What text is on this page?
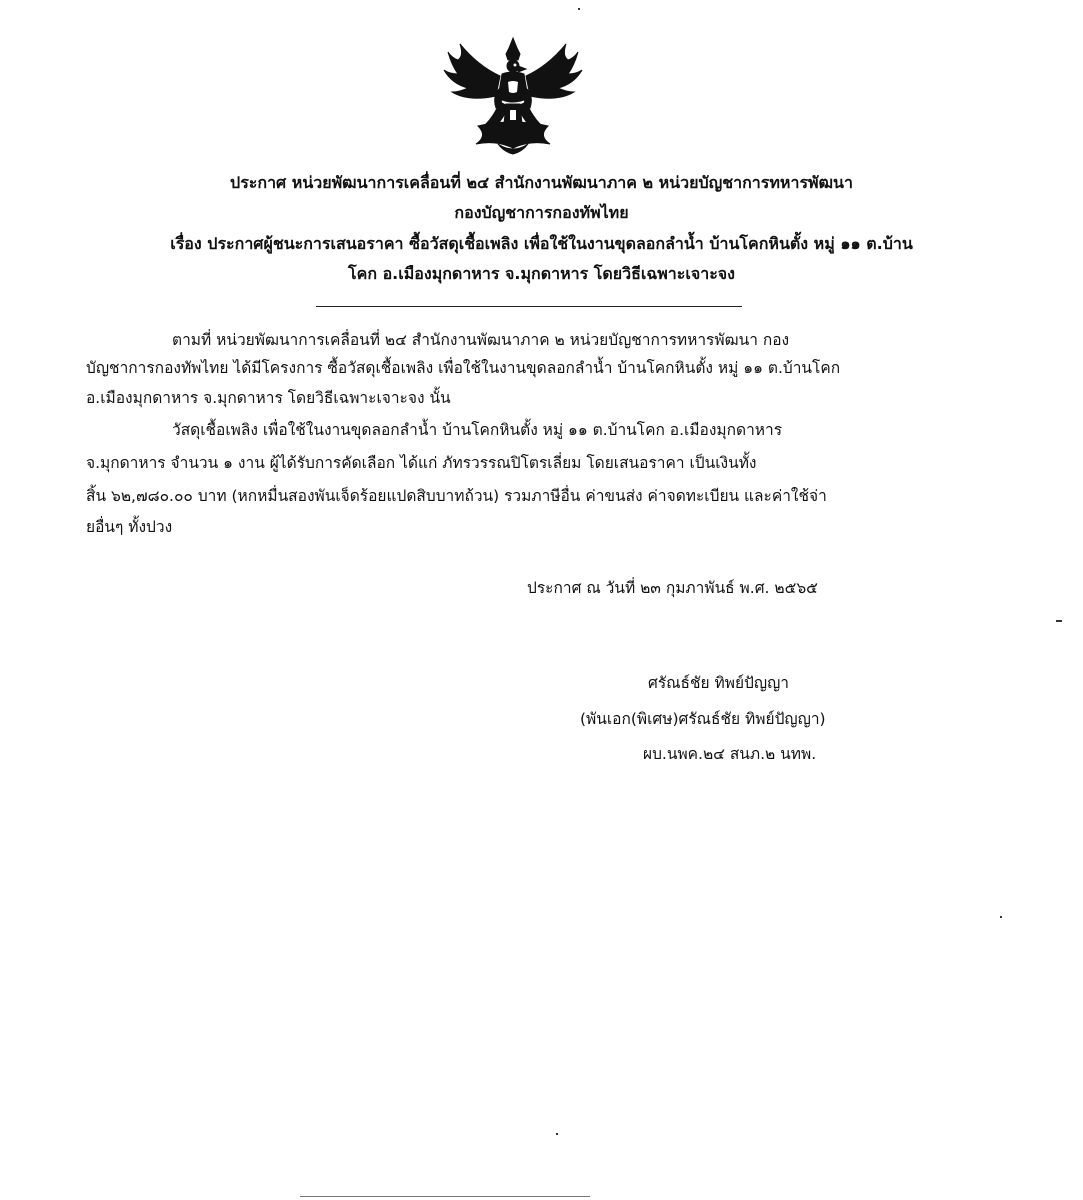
ประกาศ หน่วยพัฒนาการเคลื่อนที่ ๒๔ สำนักงานพัฒนาภาค ๒ หน่วยบัญชาการทหารพัฒนา
กองบัญชาการกองทัพไทย
เรื่อง ประกาศผู้ชนะการเสนอราคา ซื้อวัสดุเชื้อเพลิง เพื่อใช้ในงานขุดลอกลำน้ำ บ้านโคกหินตั้ง หมู่ ๑๑ ต.บ้าน
โคก อ.เมืองมุกดาหาร จ.มุกดาหาร โดยวิธีเฉพาะเจาะจง
ตามที่ หน่วยพัฒนาการเคลื่อนที่ ๒๔ สำนักงานพัฒนาภาค ๒ หน่วยบัญชาการทหารพัฒนา กอง
บัญชาการกองทัพไทย ได้มีโครงการ ซื้อวัสดุเชื้อเพลิง เพื่อใช้ในงานขุดลอกลำน้ำ บ้านโคกหินตั้ง หมู่ ๑๑ ต.บ้านโคก
อ.เมืองมุกดาหาร จ.มุกดาหาร โดยวิธีเฉพาะเจาะจง นั้น
วัสดุเชื้อเพลิง เพื่อใช้ในงานขุดลอกลำน้ำ บ้านโคกหินตั้ง หมู่ ๑๑ ต.บ้านโคก อ.เมืองมุกดาหาร
จ.มุกดาหาร จำนวน ๑ งาน ผู้ได้รับการคัดเลือก ได้แก่ ภัทรวรรณปิโตรเลี่ยม โดยเสนอราคา เป็นเงินทั้ง
สิ้น ๖๒,๗๘๐.๐๐ บาท (หกหมื่นสองพันเจ็ดร้อยแปดสิบบาทถ้วน) รวมภาษีอื่น ค่าขนส่ง ค่าจดทะเบียน และค่าใช้จ่า
ยอื่นๆ ทั้งปวง
ประกาศ ณ วันที่ ๒๓ กุมภาพันธ์ พ.ศ. ๒๕๖๕
ศรัณธ์ชัย ทิพย์ปัญญา
(พันเอก(พิเศษ)ศรัณธ์ชัย ทิพย์ปัญญา)
ผบ.นพค.๒๔ สนภ.๒ นทพ.
